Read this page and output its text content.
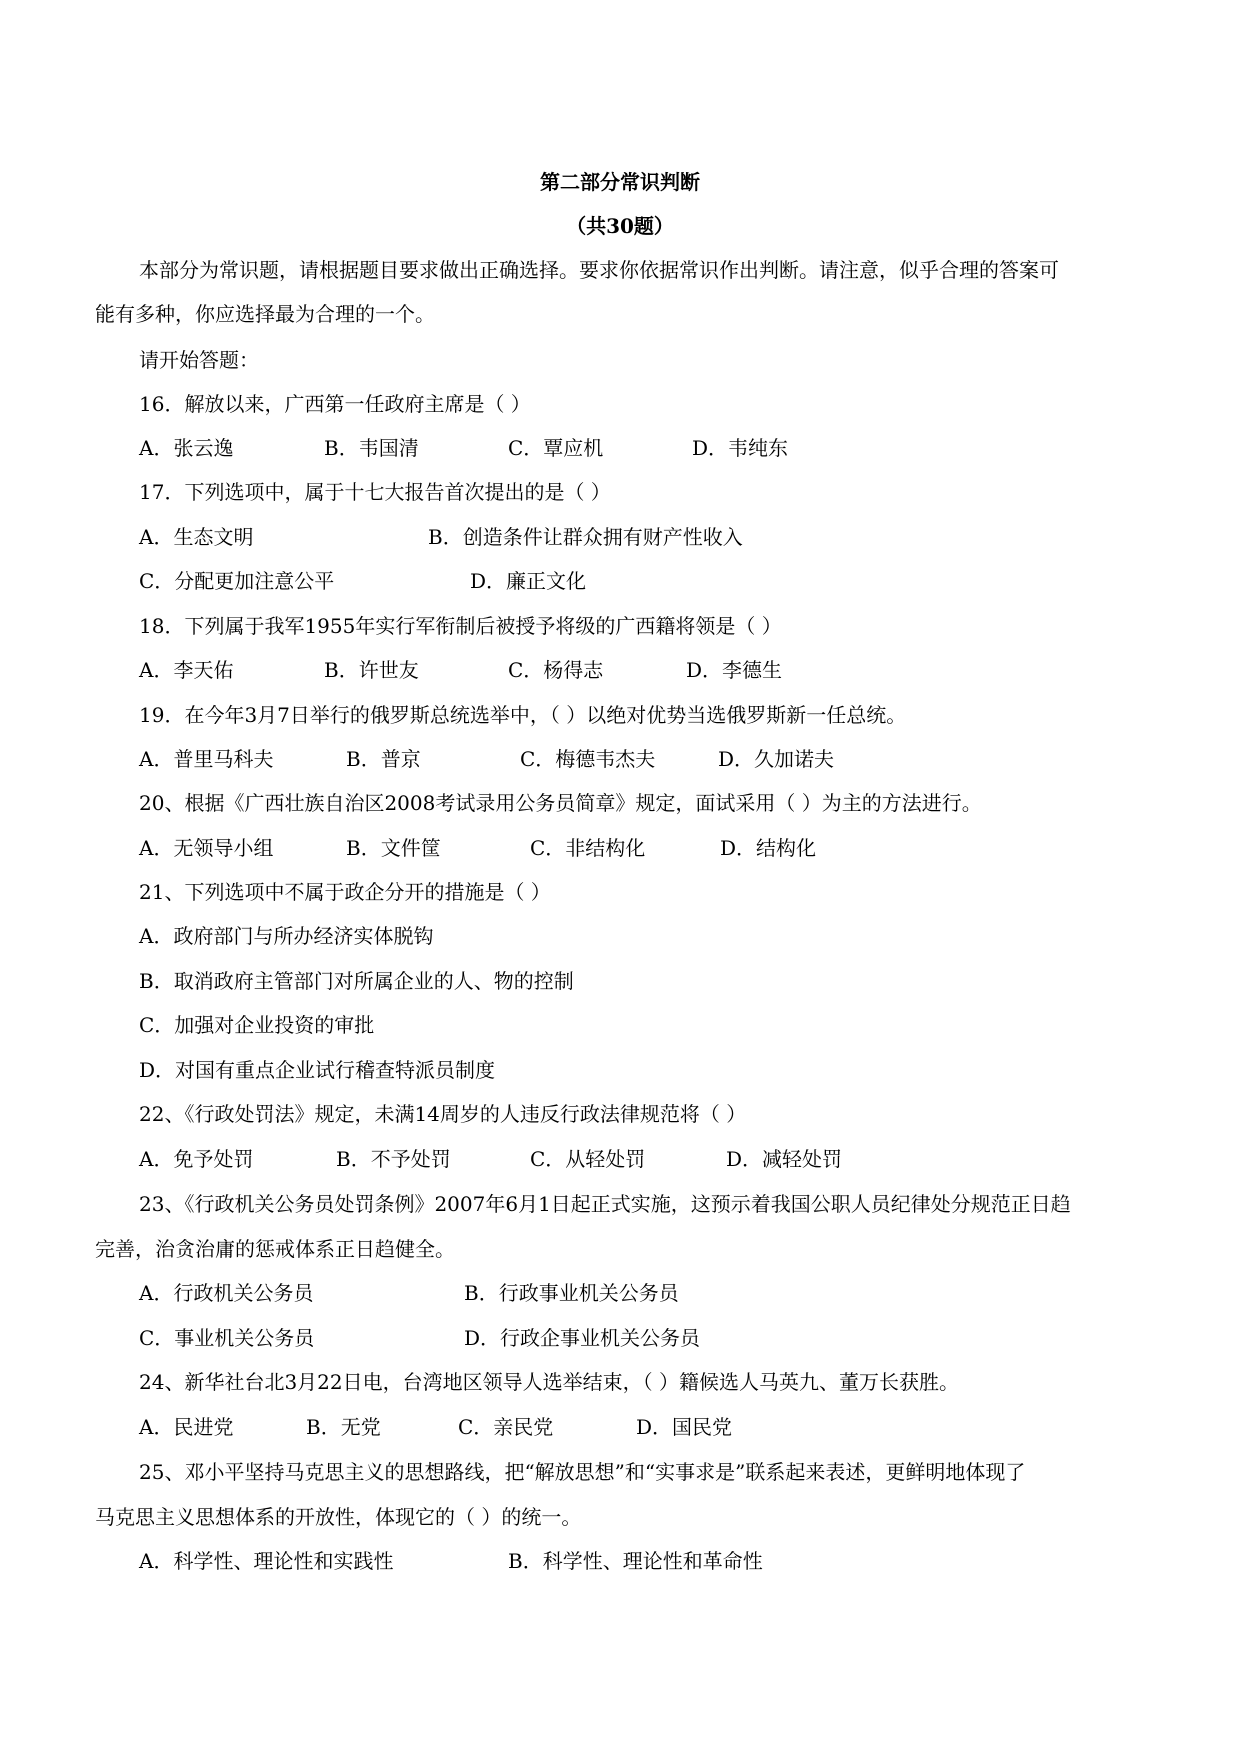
第二部分常识判断
（共30题）
本部分为常识题，请根据题目要求做出正确选择。要求你依据常识作出判断。请注意，似乎合理的答案可
能有多种，你应选择最为合理的一个。
请开始答题：
16．解放以来，广西第一任政府主席是（ ）
A．张云逸	B．韦国清	C．覃应机	D．韦纯东
17．下列选项中，属于十七大报告首次提出的是（ ）
A．生态文明	B．创造条件让群众拥有财产性收入
C．分配更加注意公平	D．廉正文化
18．下列属于我军1955年实行军衔制后被授予将级的广西籍将领是（ ）
A．李天佑	B．许世友	C．杨得志	D．李德生
19．在今年3月7日举行的俄罗斯总统选举中，（ ）以绝对优势当选俄罗斯新一任总统。
A．普里马科夫	B．普京	C．梅德韦杰夫	D．久加诺夫
20、根据《广西壮族自治区2008考试录用公务员简章》规定，面试采用（ ）为主的方法进行。
A．无领导小组	B．文件筐	C．非结构化	D．结构化
21、下列选项中不属于政企分开的措施是（ ）
A．政府部门与所办经济实体脱钩
B．取消政府主管部门对所属企业的人、物的控制
C．加强对企业投资的审批
D．对国有重点企业试行稽查特派员制度
22、《行政处罚法》规定，未满14周岁的人违反行政法律规范将（ ）
A．免予处罚	B．不予处罚	C．从轻处罚	D．减轻处罚
23、《行政机关公务员处罚条例》2007年6月1日起正式实施，这预示着我国公职人员纪律处分规范正日趋
完善，治贪治庸的惩戒体系正日趋健全。
A．行政机关公务员	B．行政事业机关公务员
C．事业机关公务员	D．行政企事业机关公务员
24、新华社台北3月22日电，台湾地区领导人选举结束，（ ）籍候选人马英九、董万长获胜。
A．民进党	B．无党	C．亲民党	D．国民党
25、邓小平坚持马克思主义的思想路线，把“解放思想”和“实事求是”联系起来表述，更鲜明地体现了
马克思主义思想体系的开放性，体现它的（ ）的统一。
A．科学性、理论性和实践性	B．科学性、理论性和革命性
